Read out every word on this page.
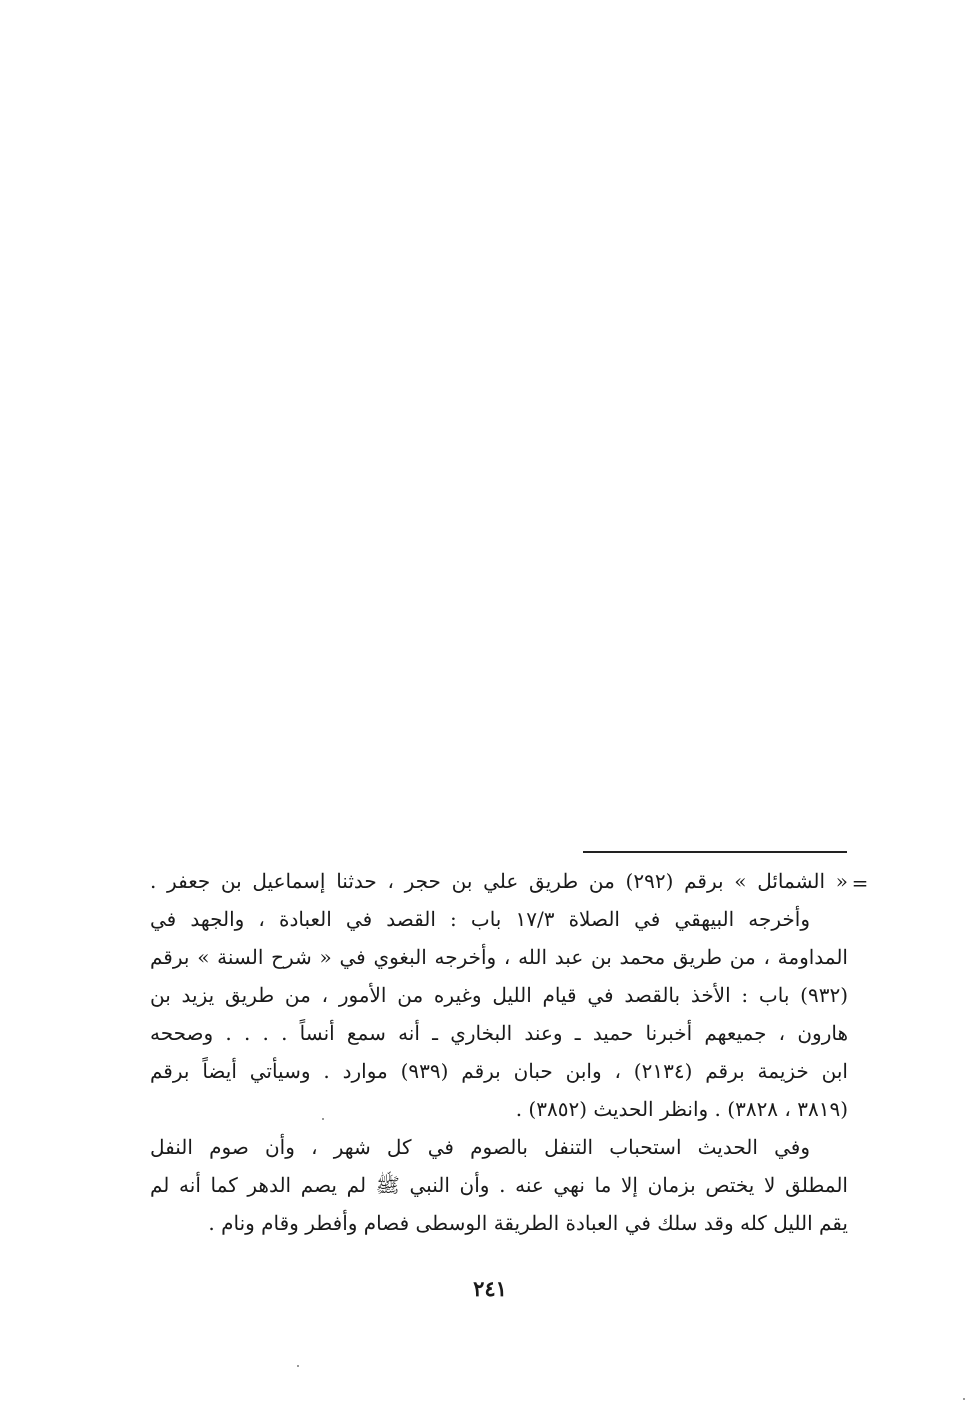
=
« الشمائل » برقم (٢٩٢) من طريق علي بن حجر ، حدثنا إسماعيل بن جعفر .
وأخرجه البيهقي في الصلاة ١٧/٣ باب : القصد في العبادة ، والجهد في
المداومة ، من طريق محمد بن عبد الله ، وأخرجه البغوي في « شرح السنة » برقم
(٩٣٢) باب : الأخذ بالقصد في قيام الليل وغيره من الأمور ، من طريق يزيد بن
هارون ، جميعهم أخبرنا حميد ـ وعند البخاري ـ أنه سمع أنساً . . . . وصححه
ابن خزيمة برقم (٢١٣٤) ، وابن حبان برقم (٩٣٩) موارد . وسيأتي أيضاً برقم
(٣٨١٩ ، ٣٨٢٨) . وانظر الحديث (٣٨٥٢) .
وفي الحديث استحباب التنفل بالصوم في كل شهر ، وأن صوم النفل
المطلق لا يختص بزمان إلا ما نهي عنه . وأن النبي ﷺ لم يصم الدهر كما أنه لم
يقم الليل كله وقد سلك في العبادة الطريقة الوسطى فصام وأفطر وقام ونام .
٢٤١
